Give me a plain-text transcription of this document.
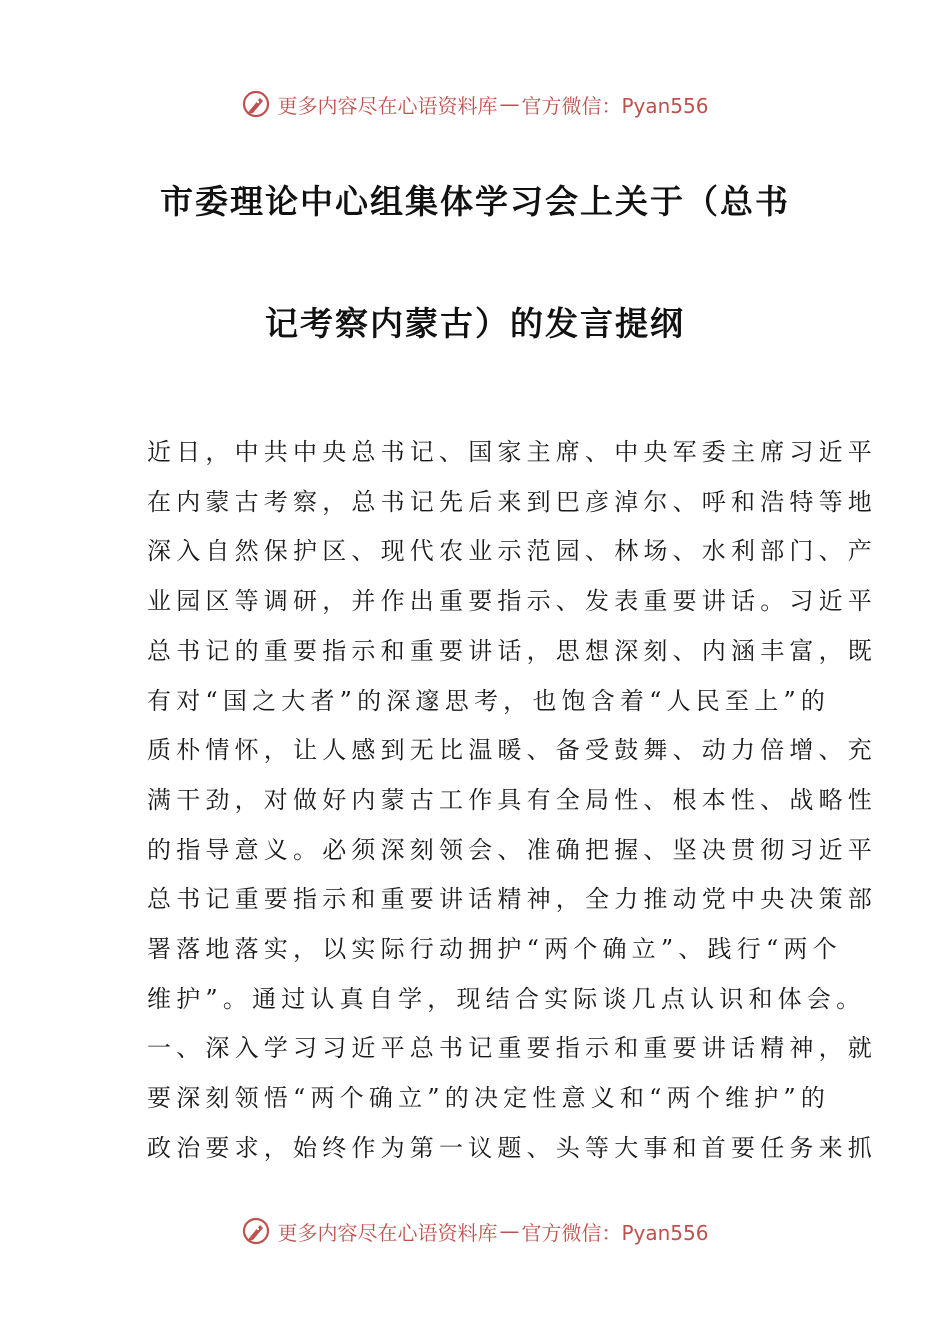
更多内容尽在心语资料库 — 官方微信：Pyan556
市委理论中心组集体学习会上关于（总书
记考察内蒙古）的发言提纲
近日，中共中央总书记、国家主席、中央军委主席习近平
在内蒙古考察，总书记先后来到巴彦淖尔、呼和浩特等地
深入自然保护区、现代农业示范园、林场、水利部门、产
业园区等调研，并作出重要指示、发表重要讲话。习近平
总书记的重要指示和重要讲话，思想深刻、内涵丰富，既
有对“国之大者”的深邃思考，也饱含着“人民至上”的
质朴情怀，让人感到无比温暖、备受鼓舞、动力倍增、充
满干劲，对做好内蒙古工作具有全局性、根本性、战略性
的指导意义。必须深刻领会、准确把握、坚决贯彻习近平
总书记重要指示和重要讲话精神，全力推动党中央决策部
署落地落实，以实际行动拥护“两个确立”、践行“两个
维护”。通过认真自学，现结合实际谈几点认识和体会。
一、深入学习习近平总书记重要指示和重要讲话精神，就
要深刻领悟“两个确立”的决定性意义和“两个维护”的
政治要求，始终作为第一议题、头等大事和首要任务来抓
更多内容尽在心语资料库 — 官方微信：Pyan556
